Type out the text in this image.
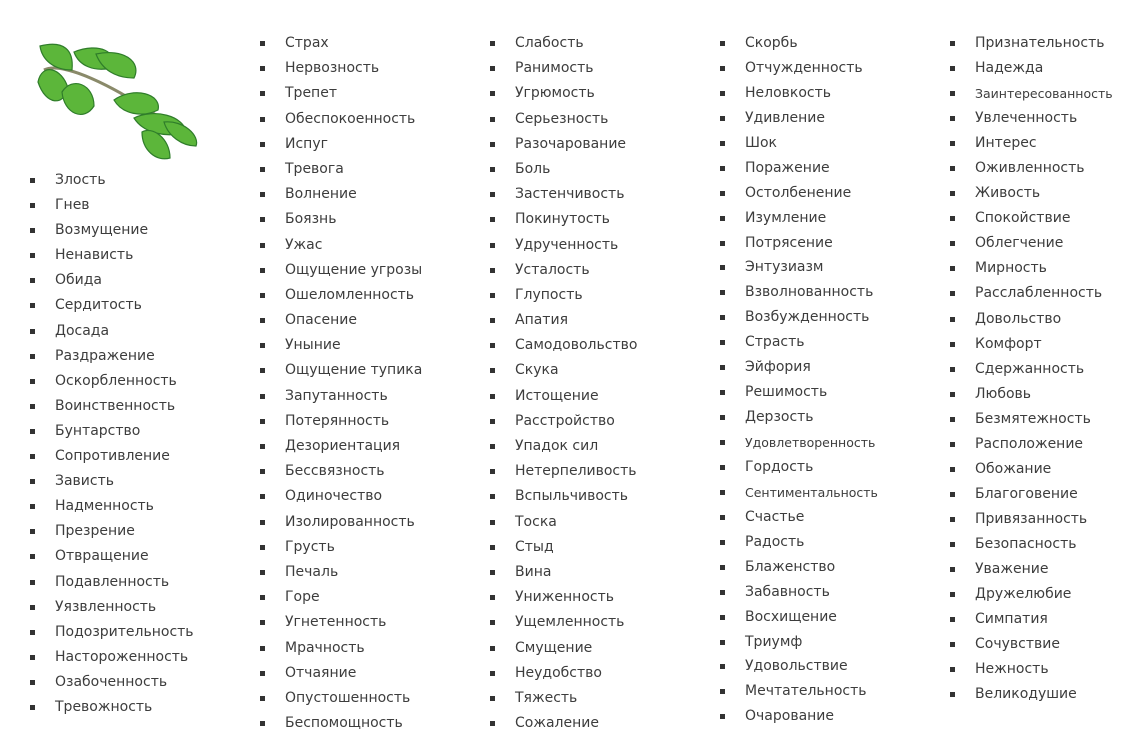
Злость
Гнев
Возмущение
Ненависть
Обида
Сердитость
Досада
Раздражение
Оскорбленность
Воинственность
Бунтарство
Сопротивление
Зависть
Надменность
Презрение
Отвращение
Подавленность
Уязвленность
Подозрительность
Настороженность
Озабоченность
Тревожность
Страх
Нервозность
Трепет
Обеспокоенность
Испуг
Тревога
Волнение
Боязнь
Ужас
Ощущение угрозы
Ошеломленность
Опасение
Уныние
Ощущение тупика
Запутанность
Потерянность
Дезориентация
Бессвязность
Одиночество
Изолированность
Грусть
Печаль
Горе
Угнетенность
Мрачность
Отчаяние
Опустошенность
Беспомощность
Слабость
Ранимость
Угрюмость
Серьезность
Разочарование
Боль
Застенчивость
Покинутость
Удрученность
Усталость
Глупость
Апатия
Самодовольство
Скука
Истощение
Расстройство
Упадок сил
Нетерпеливость
Вспыльчивость
Тоска
Стыд
Вина
Униженность
Ущемленность
Смущение
Неудобство
Тяжесть
Сожаление
Скорбь
Отчужденность
Неловкость
Удивление
Шок
Поражение
Остолбенение
Изумление
Потрясение
Энтузиазм
Взволнованность
Возбужденность
Страсть
Эйфория
Решимость
Дерзость
Удовлетворенность
Гордость
Сентиментальность
Счастье
Радость
Блаженство
Забавность
Восхищение
Триумф
Удовольствие
Мечтательность
Очарование
Признательность
Надежда
Заинтересованность
Увлеченность
Интерес
Оживленность
Живость
Спокойствие
Облегчение
Мирность
Расслабленность
Довольство
Комфорт
Сдержанность
Любовь
Безмятежность
Расположение
Обожание
Благоговение
Привязанность
Безопасность
Уважение
Дружелюбие
Симпатия
Сочувствие
Нежность
Великодушие
